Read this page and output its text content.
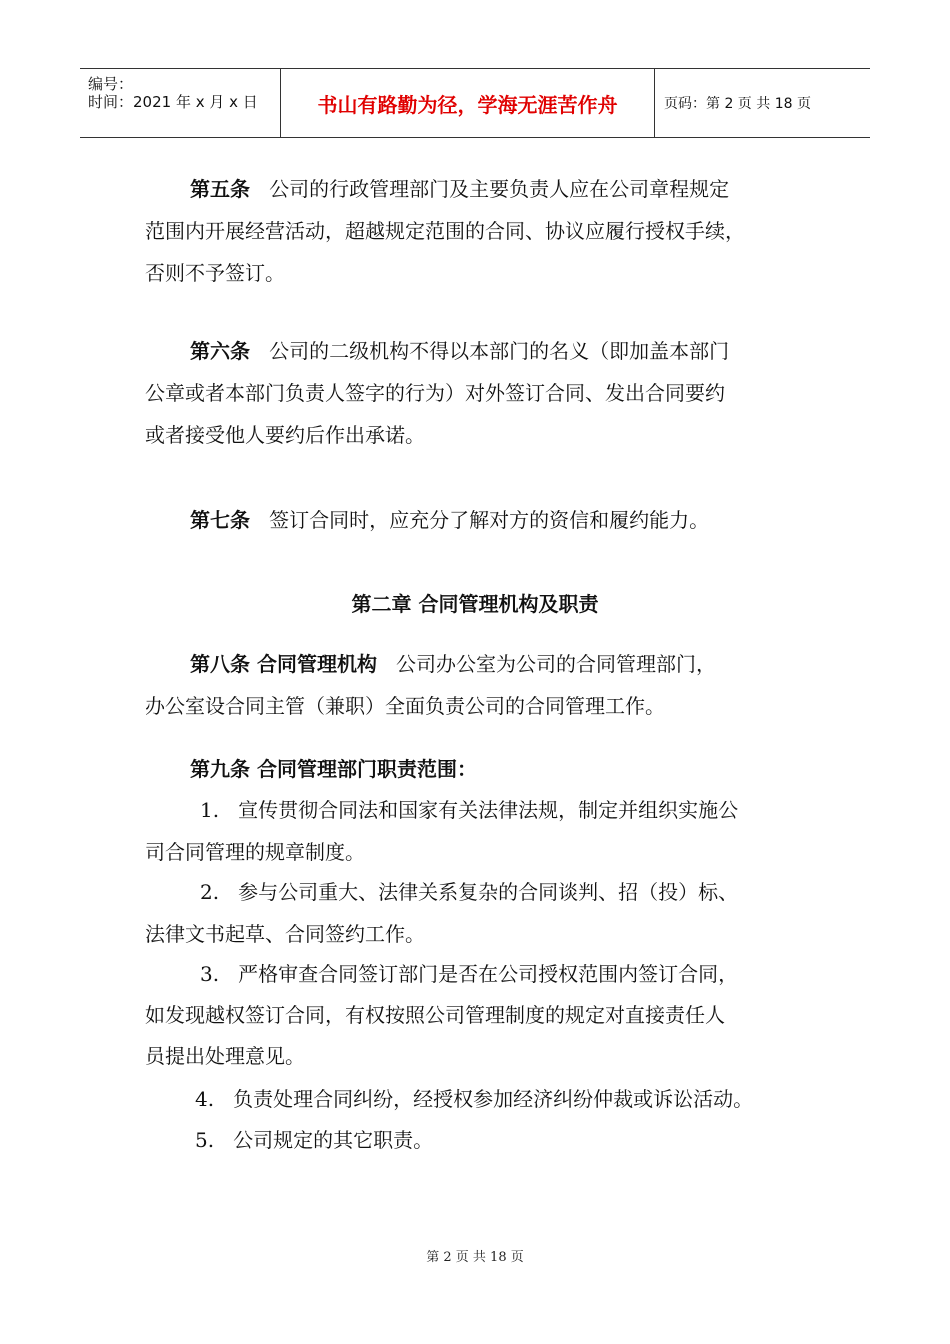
编号：
时间：2021 年 x 月 x 日	书山有路勤为径，学海无涯苦作舟	页码：第 2 页 共 18 页
第五条 公司的行政管理部门及主要负责人应在公司章程规定
范围内开展经营活动，超越规定范围的合同、协议应履行授权手续，
否则不予签订。
第六条 公司的二级机构不得以本部门的名义（即加盖本部门
公章或者本部门负责人签字的行为）对外签订合同、发出合同要约
或者接受他人要约后作出承诺。
第七条 签订合同时，应充分了解对方的资信和履约能力。
第二章 合同管理机构及职责
第八条 合同管理机构 公司办公室为公司的合同管理部门，
办公室设合同主管（兼职）全面负责公司的合同管理工作。
第九条 合同管理部门职责范围：
1. 宣传贯彻合同法和国家有关法律法规，制定并组织实施公
司合同管理的规章制度。
2. 参与公司重大、法律关系复杂的合同谈判、招（投）标、
法律文书起草、合同签约工作。
3. 严格审查合同签订部门是否在公司授权范围内签订合同，
如发现越权签订合同，有权按照公司管理制度的规定对直接责任人
员提出处理意见。
4. 负责处理合同纠纷，经授权参加经济纠纷仲裁或诉讼活动。
5. 公司规定的其它职责。
第 2 页 共 18 页
